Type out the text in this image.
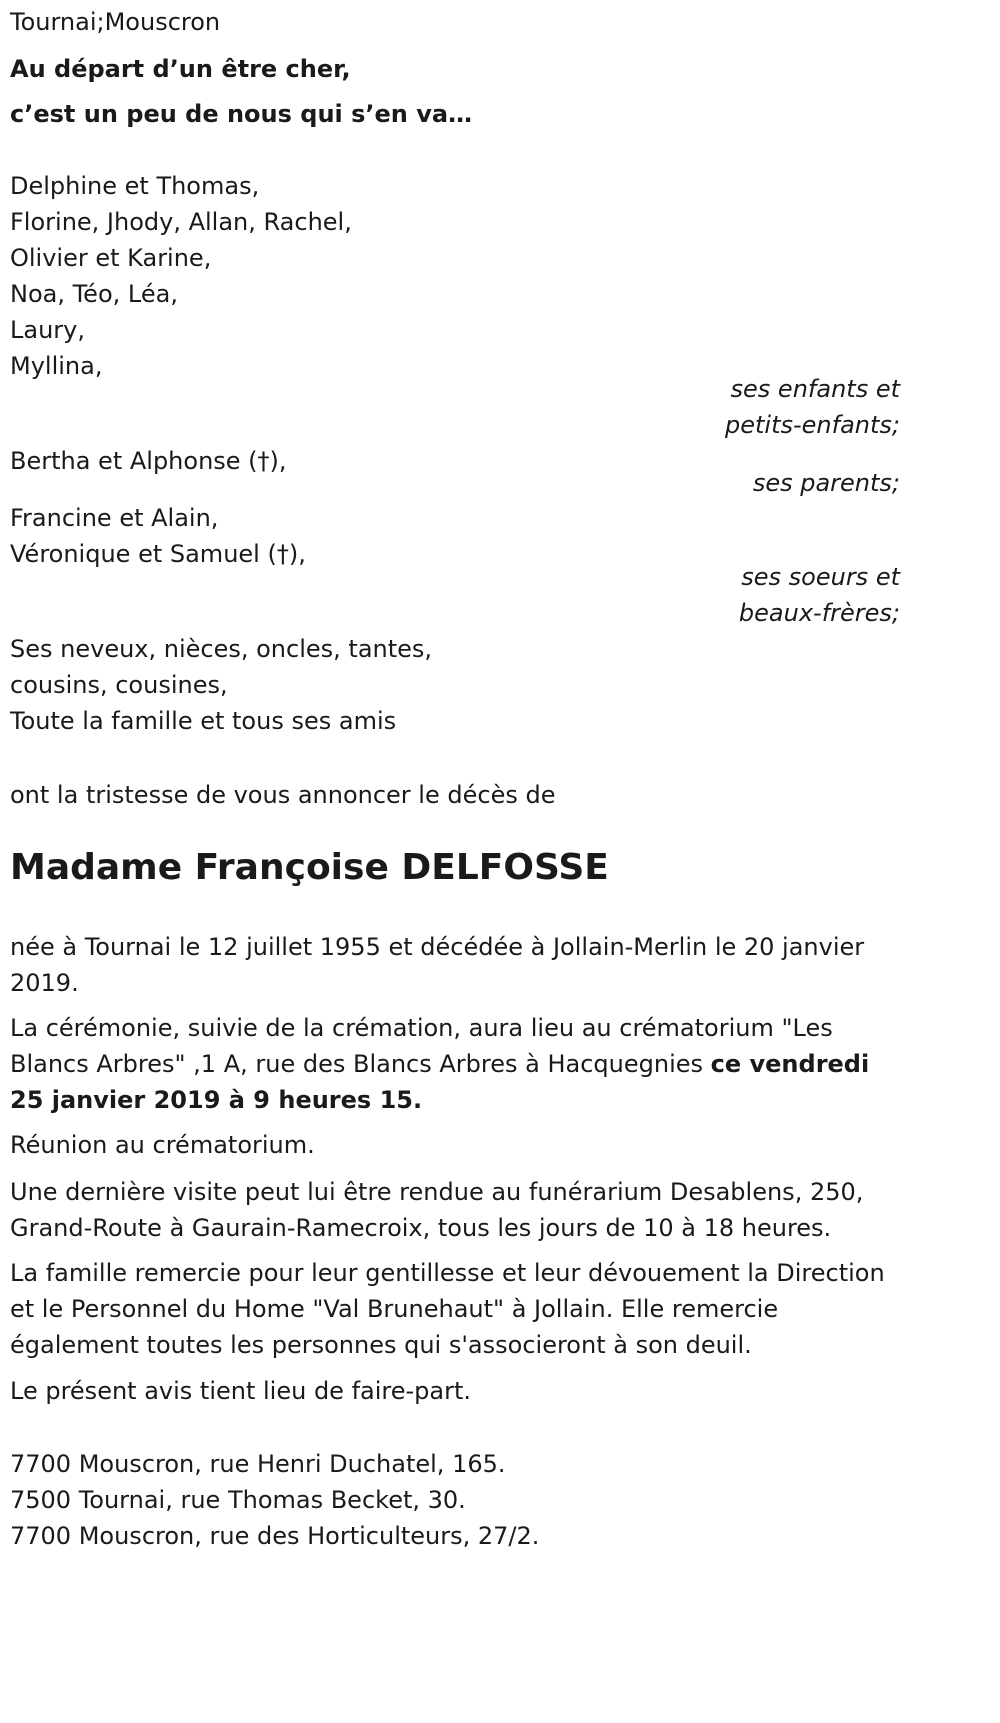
Tournai;Mouscron
Au départ d’un être cher,
c’est un peu de nous qui s’en va…
Delphine et Thomas,
Florine, Jhody, Allan, Rachel,
Olivier et Karine,
Noa, Téo, Léa,
Laury,
Myllina,
ses enfants et
petits-enfants;
Bertha et Alphonse (†),
ses parents;
Francine et Alain,
Véronique et Samuel (†),
ses soeurs et
beaux-frères;
Ses neveux, nièces, oncles, tantes,
cousins, cousines,
Toute la famille et tous ses amis
ont la tristesse de vous annoncer le décès de
Madame Françoise DELFOSSE
née à Tournai le 12 juillet 1955 et décédée à Jollain-Merlin le 20 janvier 2019.
La cérémonie, suivie de la crémation, aura lieu au crématorium "Les Blancs Arbres" ,1 A, rue des Blancs Arbres à Hacquegnies ce vendredi 25 janvier 2019 à 9 heures 15.
Réunion au crématorium.
Une dernière visite peut lui être rendue au funérarium Desablens, 250, Grand-Route à Gaurain-Ramecroix, tous les jours de 10 à 18 heures.
La famille remercie pour leur gentillesse et leur dévouement la Direction et le Personnel du Home "Val Brunehaut" à Jollain. Elle remercie également toutes les personnes qui s'associeront à son deuil.
Le présent avis tient lieu de faire-part.
7700 Mouscron, rue Henri Duchatel, 165.
7500 Tournai, rue Thomas Becket, 30.
7700 Mouscron, rue des Horticulteurs, 27/2.
